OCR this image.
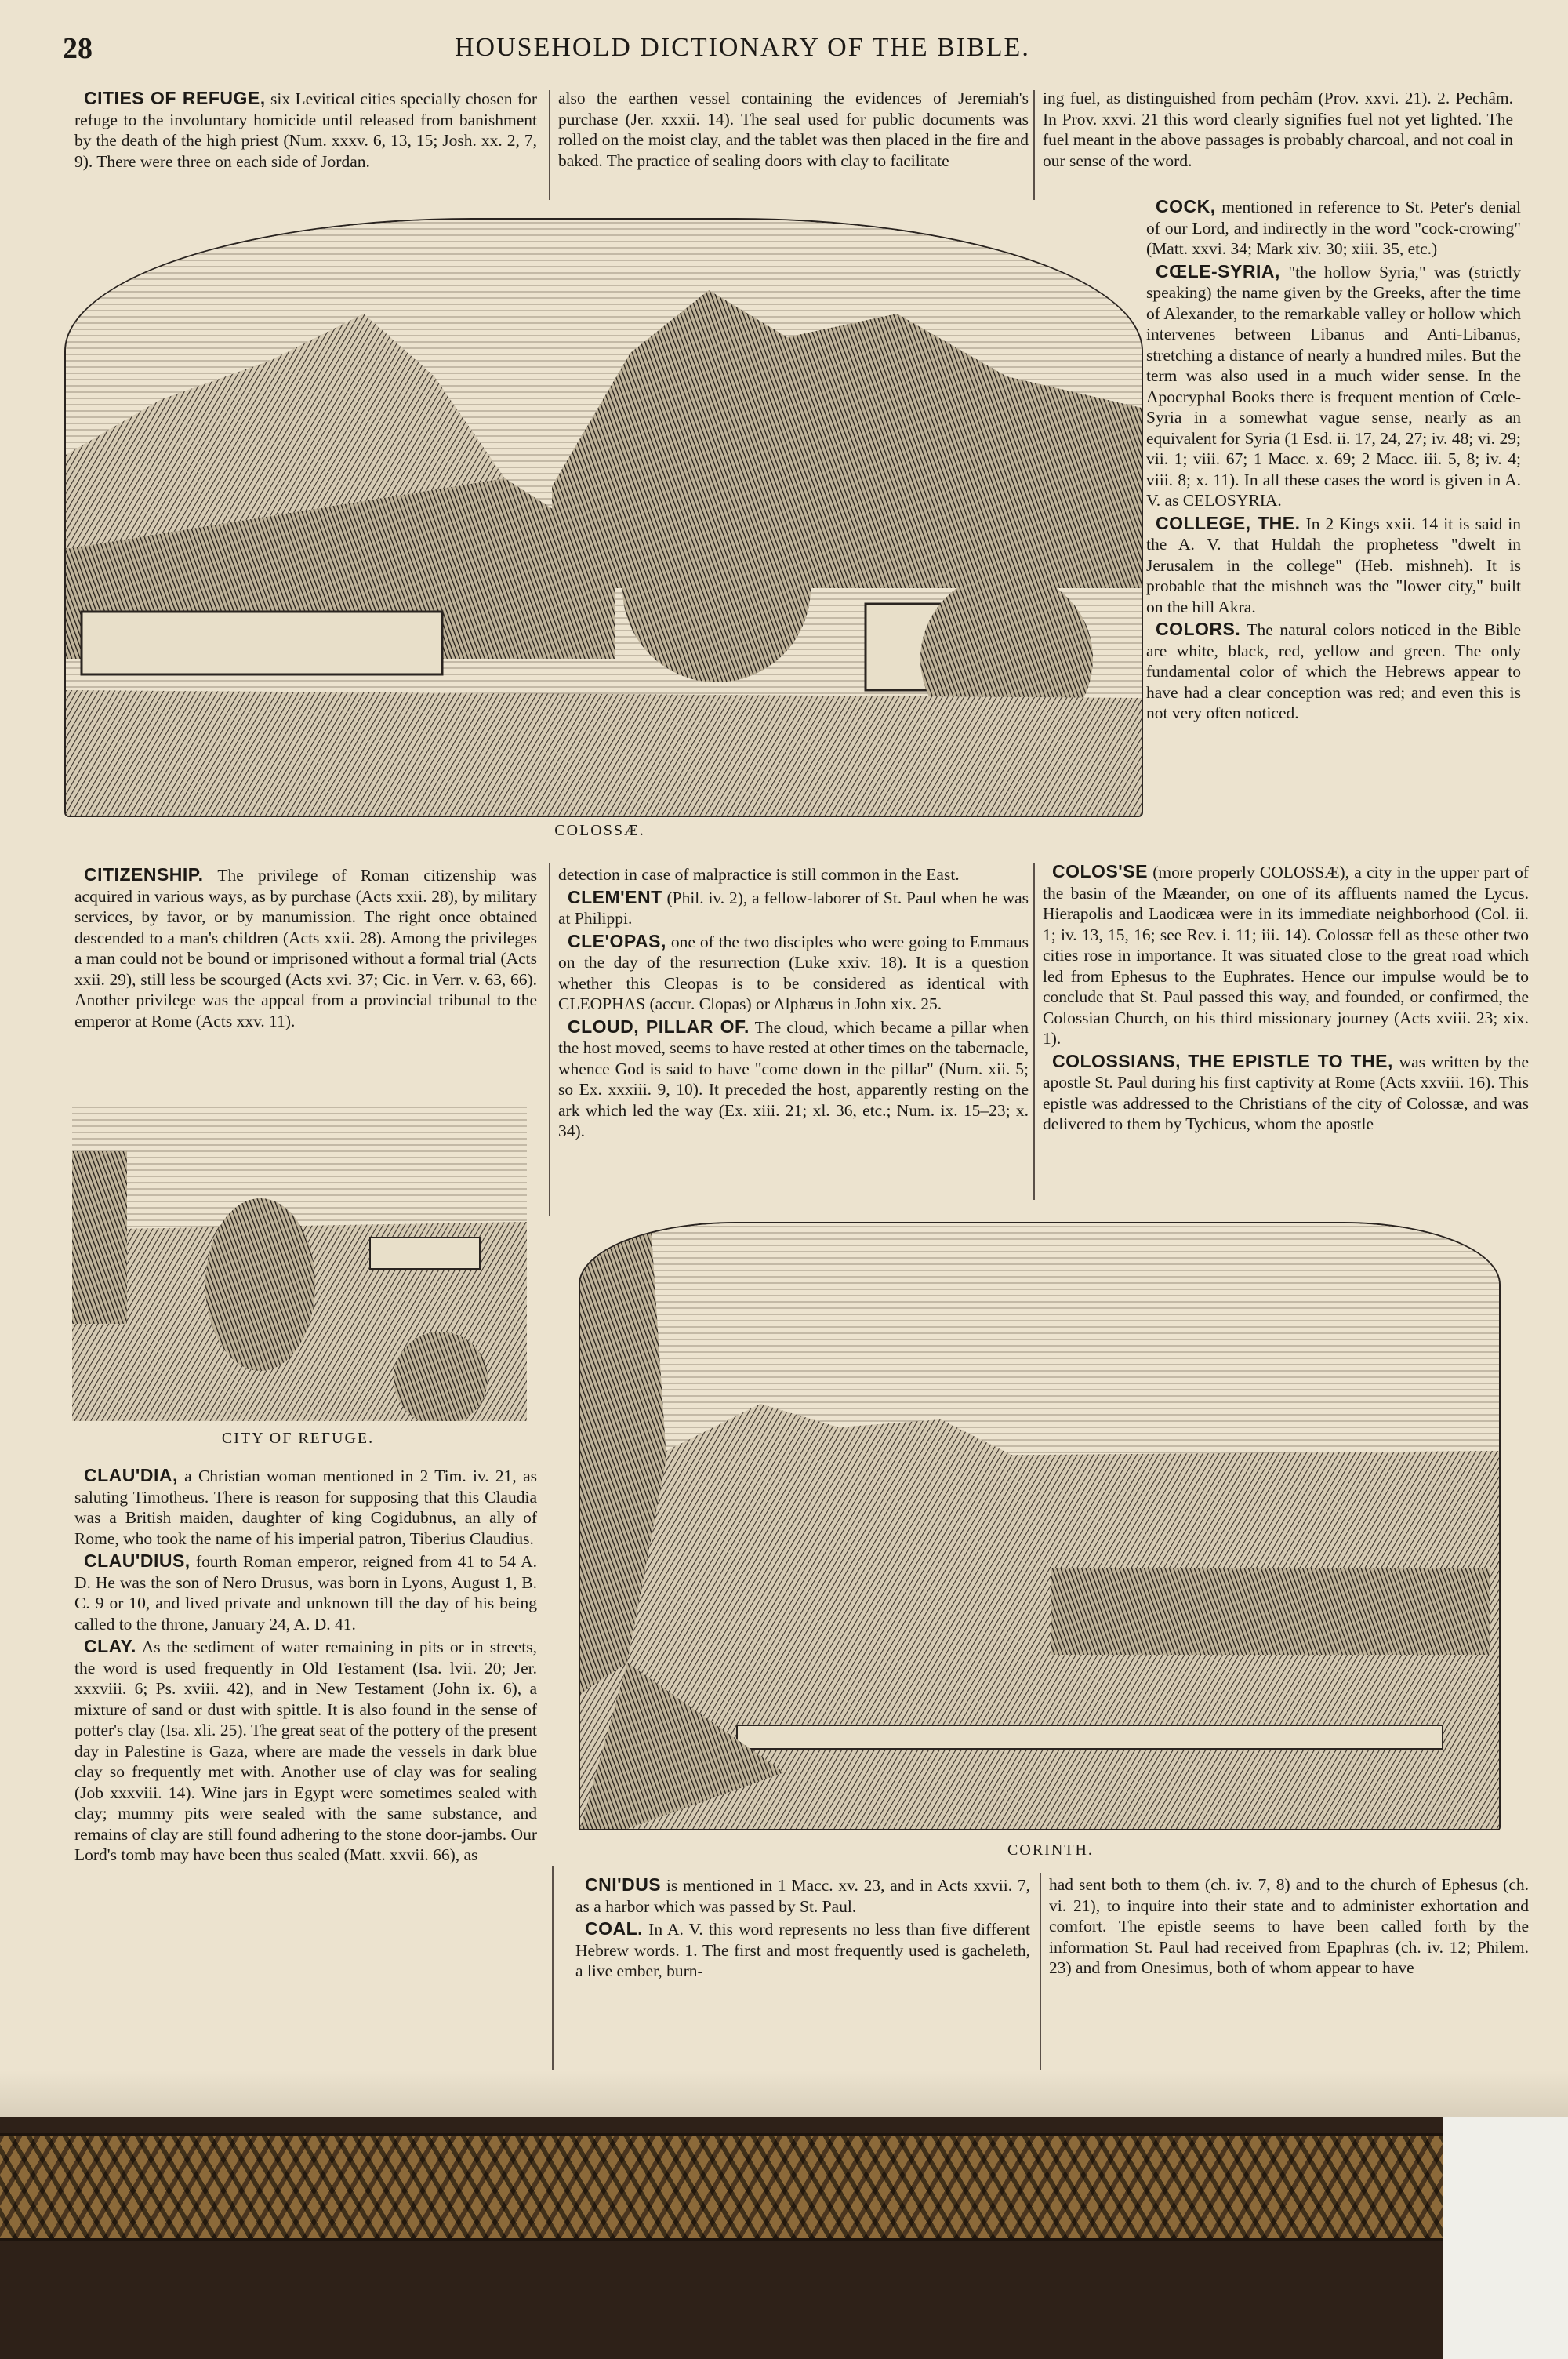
28	HOUSEHOLD DICTIONARY OF THE BIBLE.

CITIES OF REFUGE, six Levitical cities specially chosen for refuge to the involuntary homicide until released from banishment by the death of the high priest (Num. xxxv. 6, 13, 15; Josh. xx. 2, 7, 9). There were three on each side of Jordan.

also the earthen vessel containing the evidences of Jeremiah's purchase (Jer. xxxii. 14). The seal used for public documents was rolled on the moist clay, and the tablet was then placed in the fire and baked. The practice of sealing doors with clay to facilitate

ing fuel, as distinguished from pechâm (Prov. xxvi. 21). 2. Pechâm. In Prov. xxvi. 21 this word clearly signifies fuel not yet lighted. The fuel meant in the above passages is probably charcoal, and not coal in our sense of the word.

COLOSSÆ.

COCK, mentioned in reference to St. Peter's denial of our Lord, and indirectly in the word "cock-crowing" (Matt. xxvi. 34; Mark xiv. 30; xiii. 35, etc.)

CŒLE-SYRIA, "the hollow Syria," was (strictly speaking) the name given by the Greeks, after the time of Alexander, to the remarkable valley or hollow which intervenes between Libanus and Anti-Libanus, stretching a distance of nearly a hundred miles. But the term was also used in a much wider sense. In the Apocryphal Books there is frequent mention of Cœle-Syria in a somewhat vague sense, nearly as an equivalent for Syria (1 Esd. ii. 17, 24, 27; iv. 48; vi. 29; vii. 1; viii. 67; 1 Macc. x. 69; 2 Macc. iii. 5, 8; iv. 4; viii. 8; x. 11). In all these cases the word is given in A. V. as CELOSYRIA.

COLLEGE, THE. In 2 Kings xxii. 14 it is said in the A. V. that Huldah the prophetess "dwelt in Jerusalem in the college" (Heb. mishneh). It is probable that the mishneh was the "lower city," built on the hill Akra.

COLORS. The natural colors noticed in the Bible are white, black, red, yellow and green. The only fundamental color of which the Hebrews appear to have had a clear conception was red; and even this is not very often noticed.

CITIZENSHIP. The privilege of Roman citizenship was acquired in various ways, as by purchase (Acts xxii. 28), by military services, by favor, or by manumission. The right once obtained descended to a man's children (Acts xxii. 28). Among the privileges a man could not be bound or imprisoned without a formal trial (Acts xxii. 29), still less be scourged (Acts xvi. 37; Cic. in Verr. v. 63, 66). Another privilege was the appeal from a provincial tribunal to the emperor at Rome (Acts xxv. 11).

detection in case of malpractice is still common in the East.

CLEM'ENT (Phil. iv. 2), a fellow-laborer of St. Paul when he was at Philippi.

CLE'OPAS, one of the two disciples who were going to Emmaus on the day of the resurrection (Luke xxiv. 18). It is a question whether this Cleopas is to be considered as identical with CLEOPHAS (accur. Clopas) or Alphæus in John xix. 25.

CLOUD, PILLAR OF. The cloud, which became a pillar when the host moved, seems to have rested at other times on the tabernacle, whence God is said to have "come down in the pillar" (Num. xii. 5; so Ex. xxxiii. 9, 10). It preceded the host, apparently resting on the ark which led the way (Ex. xiii. 21; xl. 36, etc.; Num. ix. 15–23; x. 34).

COLOS'SE (more properly COLOSSÆ), a city in the upper part of the basin of the Mæander, on one of its affluents named the Lycus. Hierapolis and Laodicæa were in its immediate neighborhood (Col. ii. 1; iv. 13, 15, 16; see Rev. i. 11; iii. 14). Colossæ fell as these other two cities rose in importance. It was situated close to the great road which led from Ephesus to the Euphrates. Hence our impulse would be to conclude that St. Paul passed this way, and founded, or confirmed, the Colossian Church, on his third missionary journey (Acts xviii. 23; xix. 1).

COLOSSIANS, THE EPISTLE TO THE, was written by the apostle St. Paul during his first captivity at Rome (Acts xxviii. 16). This epistle was addressed to the Christians of the city of Colossæ, and was delivered to them by Tychicus, whom the apostle

CITY OF REFUGE.

CLAU'DIA, a Christian woman mentioned in 2 Tim. iv. 21, as saluting Timotheus. There is reason for supposing that this Claudia was a British maiden, daughter of king Cogidubnus, an ally of Rome, who took the name of his imperial patron, Tiberius Claudius.

CLAU'DIUS, fourth Roman emperor, reigned from 41 to 54 A. D. He was the son of Nero Drusus, was born in Lyons, August 1, B. C. 9 or 10, and lived private and unknown till the day of his being called to the throne, January 24, A. D. 41.

CLAY. As the sediment of water remaining in pits or in streets, the word is used frequently in Old Testament (Isa. lvii. 20; Jer. xxxviii. 6; Ps. xviii. 42), and in New Testament (John ix. 6), a mixture of sand or dust with spittle. It is also found in the sense of potter's clay (Isa. xli. 25). The great seat of the pottery of the present day in Palestine is Gaza, where are made the vessels in dark blue clay so frequently met with. Another use of clay was for sealing (Job xxxviii. 14). Wine jars in Egypt were sometimes sealed with clay; mummy pits were sealed with the same substance, and remains of clay are still found adhering to the stone door-jambs. Our Lord's tomb may have been thus sealed (Matt. xxvii. 66), as	CORINTH.

CNI'DUS is mentioned in 1 Macc. xv. 23, and in Acts xxvii. 7, as a harbor which was passed by St. Paul.

COAL. In A. V. this word represents no less than five different Hebrew words. 1. The first and most frequently used is gacheleth, a live ember, burn-

had sent both to them (ch. iv. 7, 8) and to the church of Ephesus (ch. vi. 21), to inquire into their state and to administer exhortation and comfort. The epistle seems to have been called forth by the information St. Paul had received from Epaphras (ch. iv. 12; Philem. 23) and from Onesimus, both of whom appear to have
